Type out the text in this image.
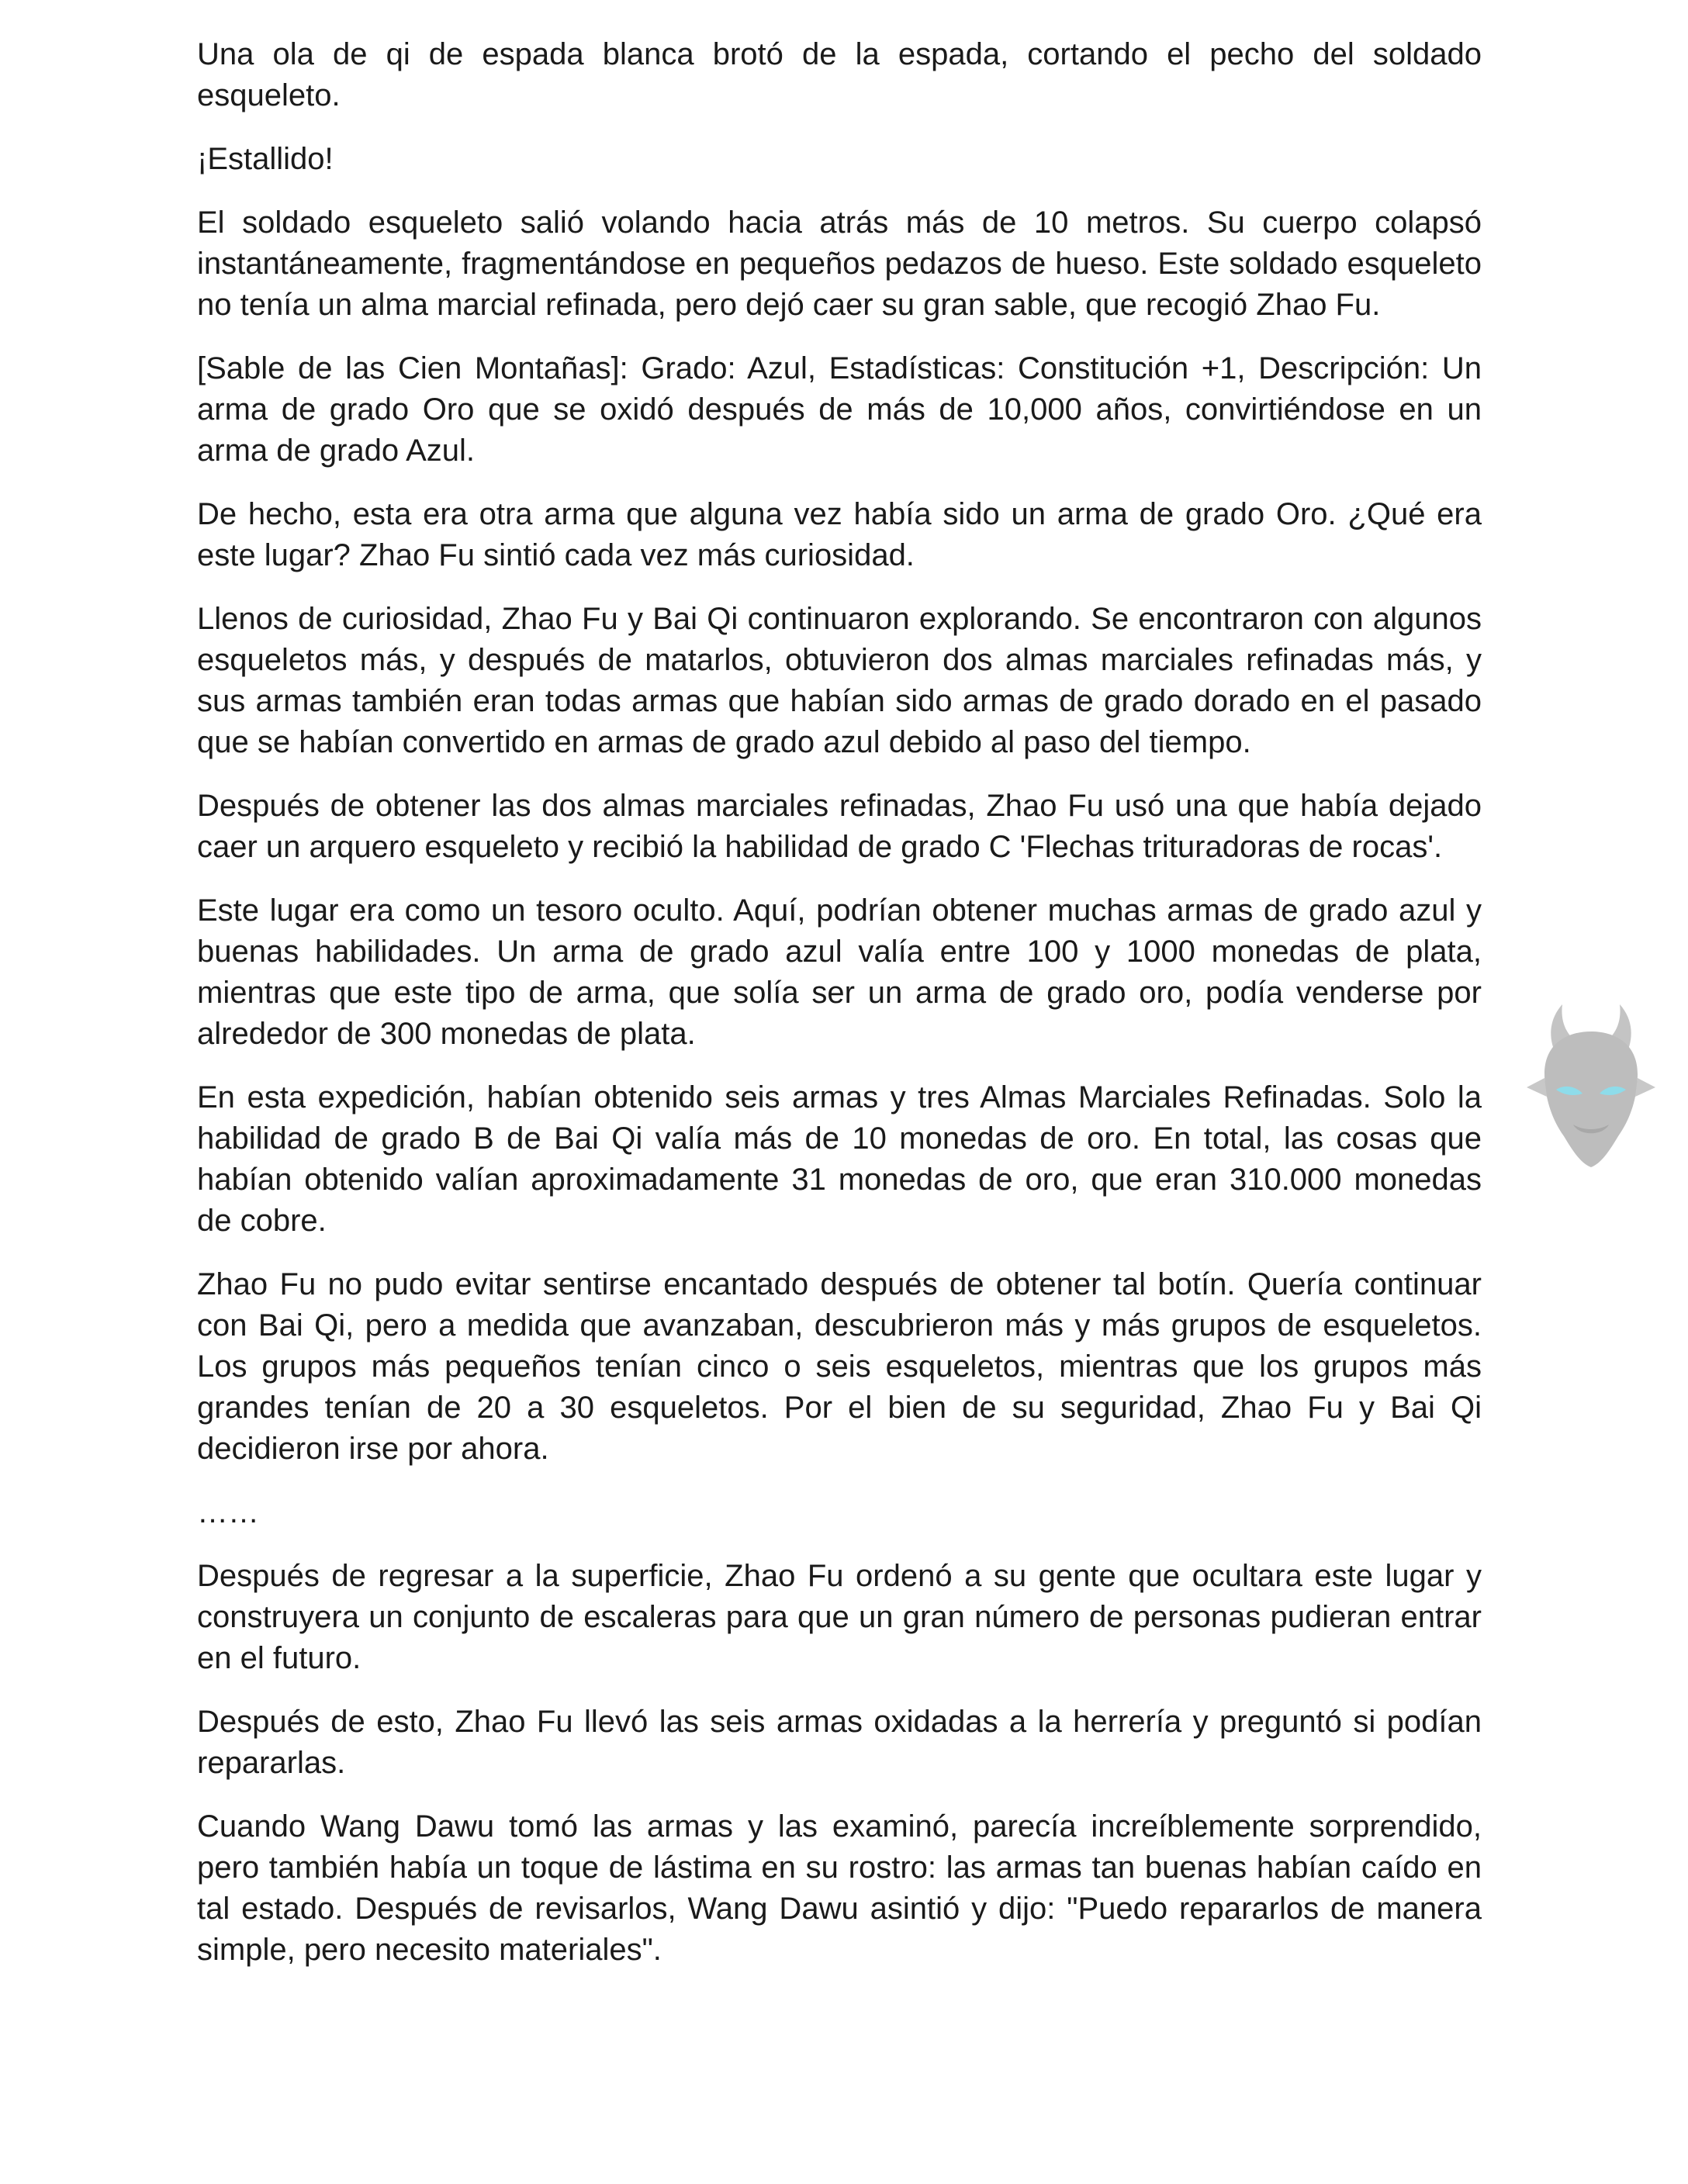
Una ola de qi de espada blanca brotó de la espada, cortando el pecho del soldado esqueleto.

¡Estallido!

El soldado esqueleto salió volando hacia atrás más de 10 metros. Su cuerpo colapsó instantáneamente, fragmentándose en pequeños pedazos de hueso. Este soldado esqueleto no tenía un alma marcial refinada, pero dejó caer su gran sable, que recogió Zhao Fu.

[Sable de las Cien Montañas]: Grado: Azul, Estadísticas: Constitución +1, Descripción: Un arma de grado Oro que se oxidó después de más de 10,000 años, convirtiéndose en un arma de grado Azul.

De hecho, esta era otra arma que alguna vez había sido un arma de grado Oro. ¿Qué era este lugar? Zhao Fu sintió cada vez más curiosidad.

Llenos de curiosidad, Zhao Fu y Bai Qi continuaron explorando. Se encontraron con algunos esqueletos más, y después de matarlos, obtuvieron dos almas marciales refinadas más, y sus armas también eran todas armas que habían sido armas de grado dorado en el pasado que se habían convertido en armas de grado azul debido al paso del tiempo.

Después de obtener las dos almas marciales refinadas, Zhao Fu usó una que había dejado caer un arquero esqueleto y recibió la habilidad de grado C 'Flechas trituradoras de rocas'.

Este lugar era como un tesoro oculto. Aquí, podrían obtener muchas armas de grado azul y buenas habilidades. Un arma de grado azul valía entre 100 y 1000 monedas de plata, mientras que este tipo de arma, que solía ser un arma de grado oro, podía venderse por alrededor de 300 monedas de plata.

En esta expedición, habían obtenido seis armas y tres Almas Marciales Refinadas. Solo la habilidad de grado B de Bai Qi valía más de 10 monedas de oro. En total, las cosas que habían obtenido valían aproximadamente 31 monedas de oro, que eran 310.000 monedas de cobre.

Zhao Fu no pudo evitar sentirse encantado después de obtener tal botín. Quería continuar con Bai Qi, pero a medida que avanzaban, descubrieron más y más grupos de esqueletos. Los grupos más pequeños tenían cinco o seis esqueletos, mientras que los grupos más grandes tenían de 20 a 30 esqueletos. Por el bien de su seguridad, Zhao Fu y Bai Qi decidieron irse por ahora.

……

Después de regresar a la superficie, Zhao Fu ordenó a su gente que ocultara este lugar y construyera un conjunto de escaleras para que un gran número de personas pudieran entrar en el futuro.

Después de esto, Zhao Fu llevó las seis armas oxidadas a la herrería y preguntó si podían repararlas.

Cuando Wang Dawu tomó las armas y las examinó, parecía increíblemente sorprendido, pero también había un toque de lástima en su rostro: las armas tan buenas habían caído en tal estado. Después de revisarlos, Wang Dawu asintió y dijo: "Puedo repararlos de manera simple, pero necesito materiales".
